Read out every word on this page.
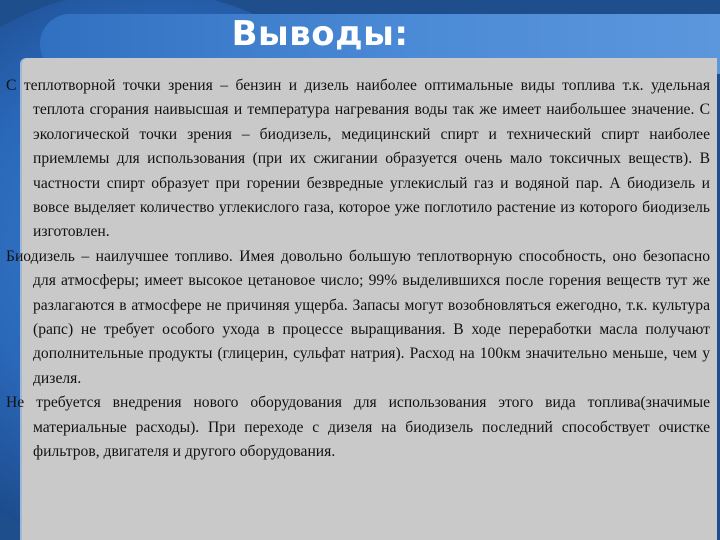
Выводы:

С теплотворной точки зрения – бензин и дизель наиболее оптимальные виды топлива т.к. удельная теплота сгорания наивысшая и температура нагревания воды так же имеет наибольшее значение. С экологической точки зрения – биодизель, медицинский спирт и технический спирт наиболее приемлемы для использования (при их сжигании образуется очень мало токсичных веществ). В частности спирт образует при горении безвредные углекислый газ и водяной пар. А биодизель и вовсе выделяет количество углекислого газа, которое уже поглотило растение из которого биодизель изготовлен.

Биодизель – наилучшее топливо. Имея довольно большую теплотворную способность, оно безопасно для атмосферы; имеет высокое цетановое число; 99% выделившихся после горения веществ тут же разлагаются в атмосфере не причиняя ущерба. Запасы могут возобновляться ежегодно, т.к. культура (рапс) не требует особого ухода в процессе выращивания. В ходе переработки масла получают дополнительные продукты (глицерин, сульфат натрия). Расход на 100км значительно меньше, чем у дизеля.

Не требуется внедрения нового оборудования для использования этого вида топлива(значимые материальные расходы). При переходе с дизеля на биодизель последний способствует очистке фильтров, двигателя и другого оборудования.
